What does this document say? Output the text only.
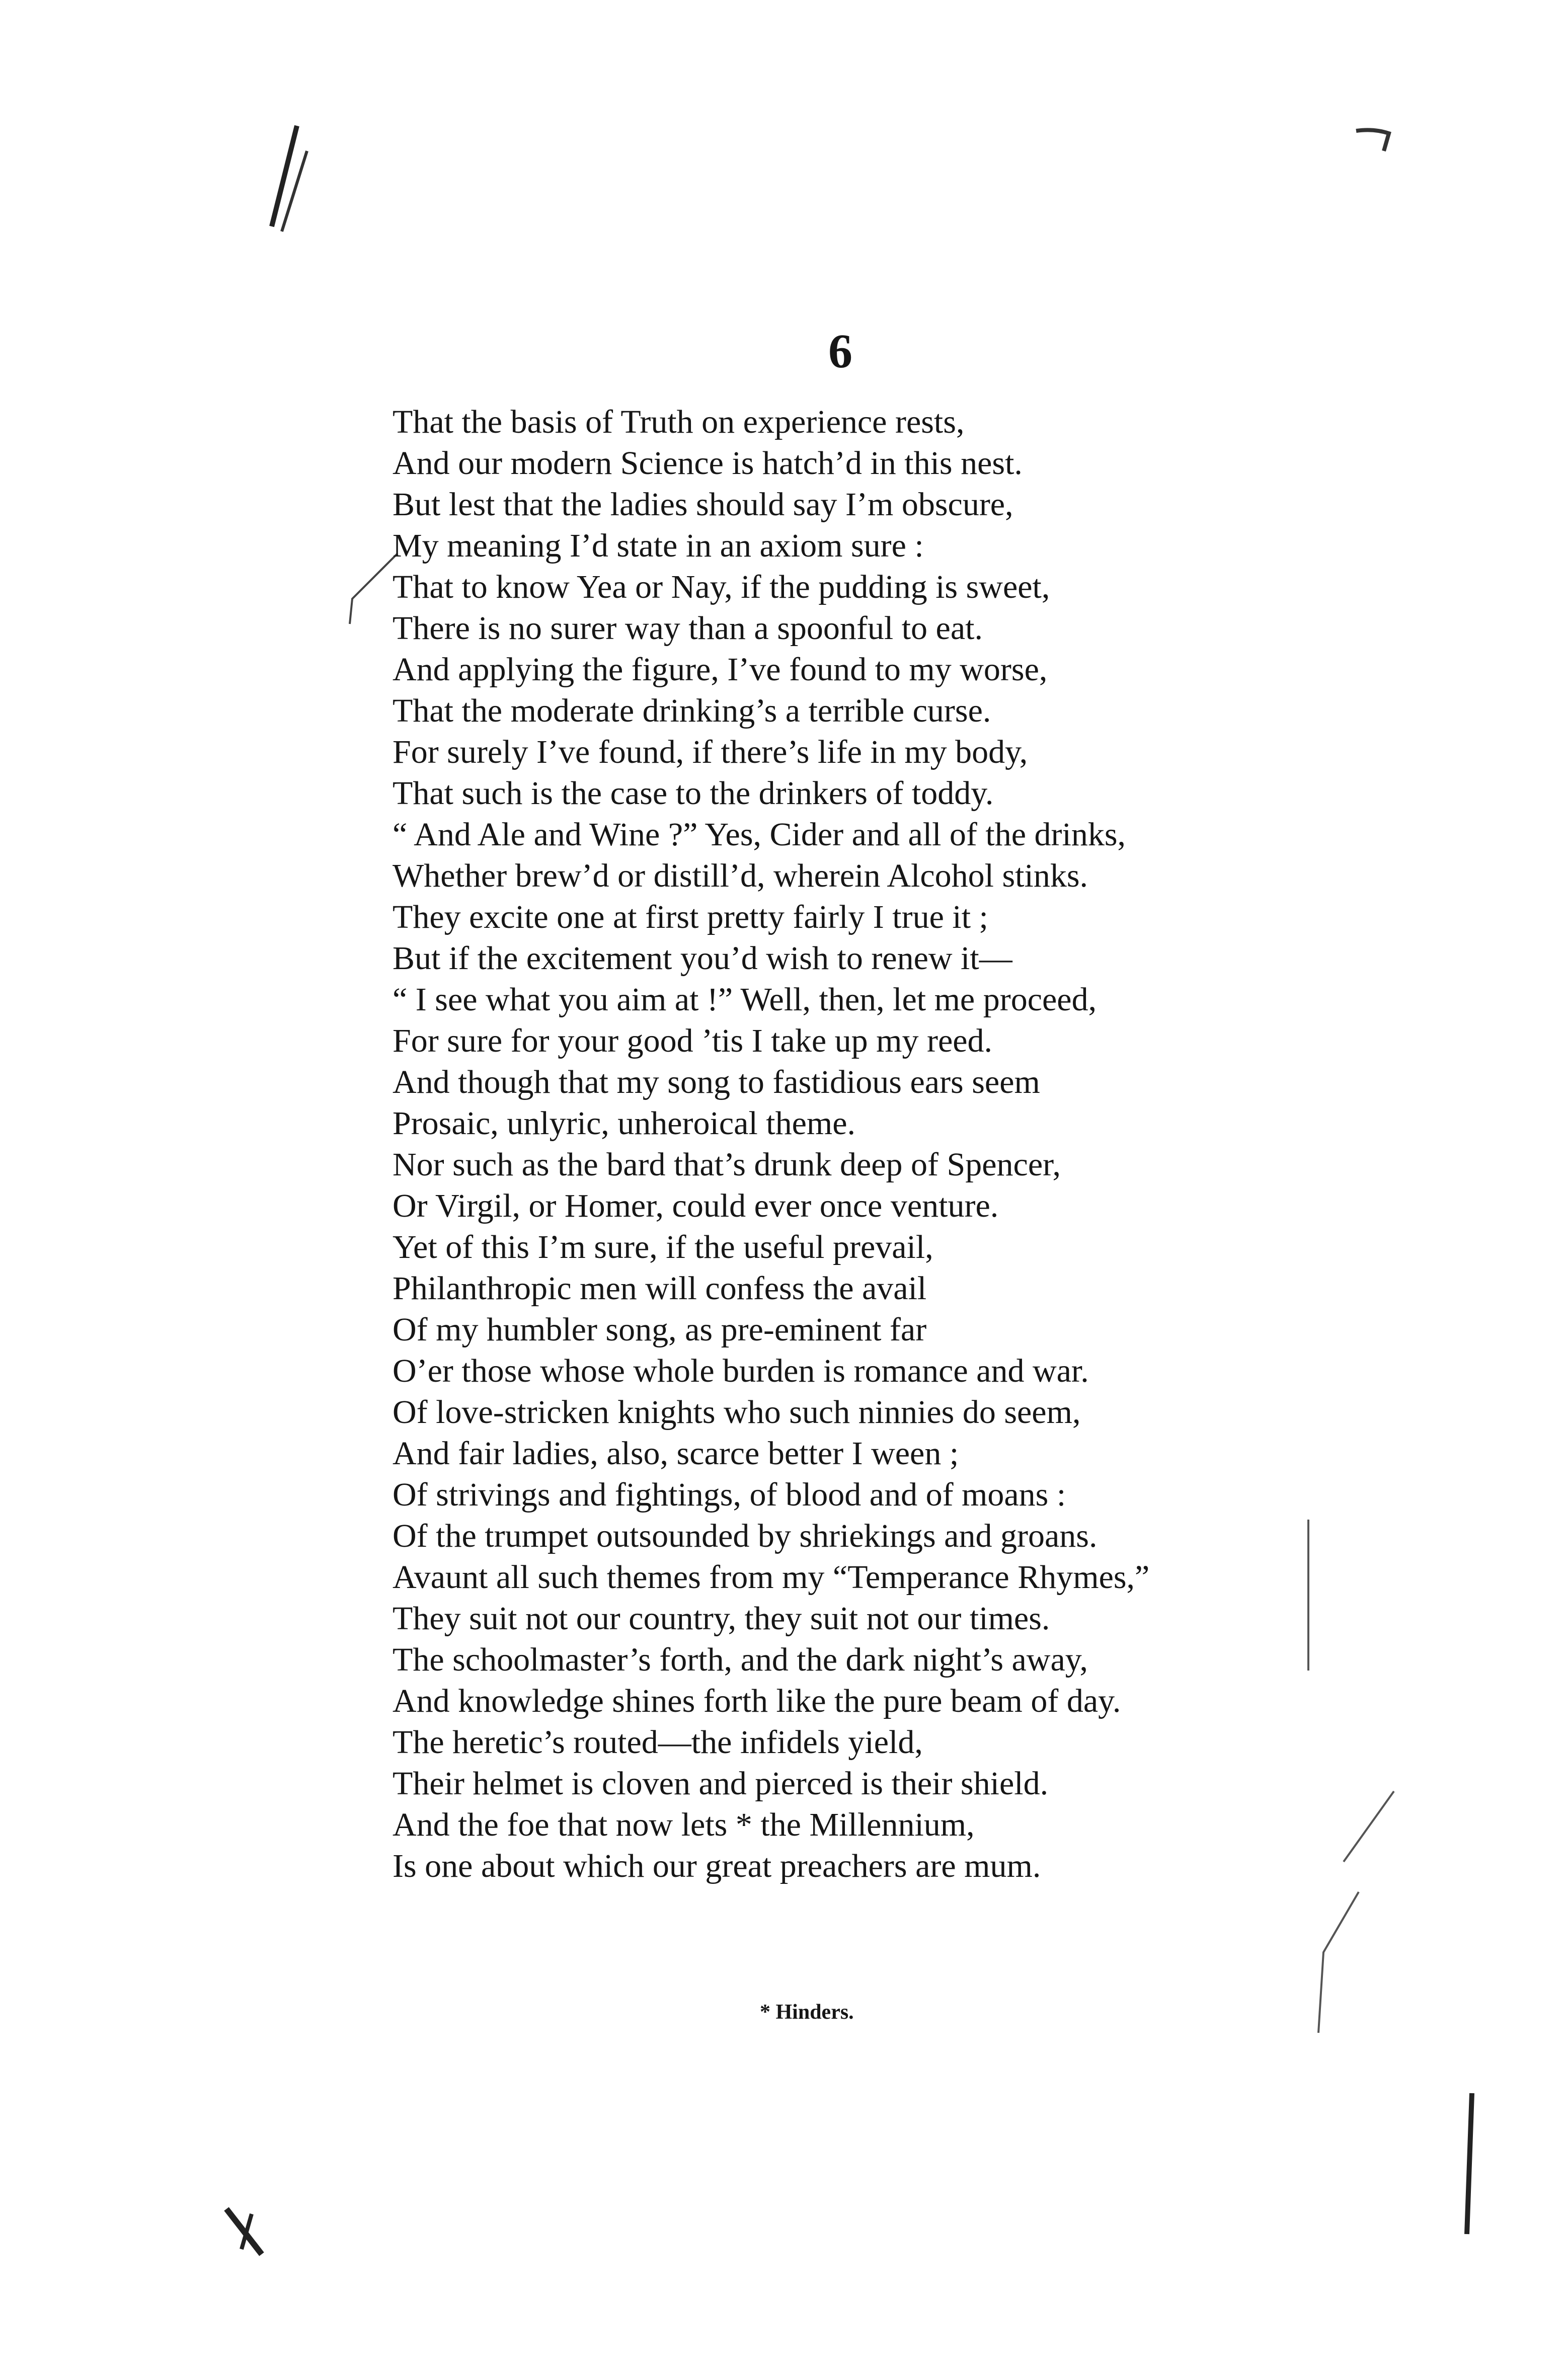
6
That the basis of Truth on experience rests,
And our modern Science is hatch’d in this nest.
But lest that the ladies should say I’m obscure,
My meaning I’d state in an axiom sure :
That to know Yea or Nay, if the pudding is sweet,
There is no surer way than a spoonful to eat.
And applying the figure, I’ve found to my worse,
That the moderate drinking’s a terrible curse.
For surely I’ve found, if there’s life in my body,
That such is the case to the drinkers of toddy.
“ And Ale and Wine ?” Yes, Cider and all of the drinks,
Whether brew’d or distill’d, wherein Alcohol stinks.
They excite one at first pretty fairly I true it ;
But if the excitement you’d wish to renew it—
“ I see what you aim at !” Well, then, let me proceed,
For sure for your good ’tis I take up my reed.
And though that my song to fastidious ears seem
Prosaic, unlyric, unheroical theme.
Nor such as the bard that’s drunk deep of Spencer,
Or Virgil, or Homer, could ever once venture.
Yet of this I’m sure, if the useful prevail,
Philanthropic men will confess the avail
Of my humbler song, as pre-eminent far
O’er those whose whole burden is romance and war.
Of love-stricken knights who such ninnies do seem,
And fair ladies, also, scarce better I ween ;
Of strivings and fightings, of blood and of moans :
Of the trumpet outsounded by shriekings and groans.
Avaunt all such themes from my “Temperance Rhymes,”
They suit not our country, they suit not our times.
The schoolmaster’s forth, and the dark night’s away,
And knowledge shines forth like the pure beam of day.
The heretic’s routed—the infidels yield,
Their helmet is cloven and pierced is their shield.
And the foe that now lets * the Millennium,
Is one about which our great preachers are mum.
* Hinders.
